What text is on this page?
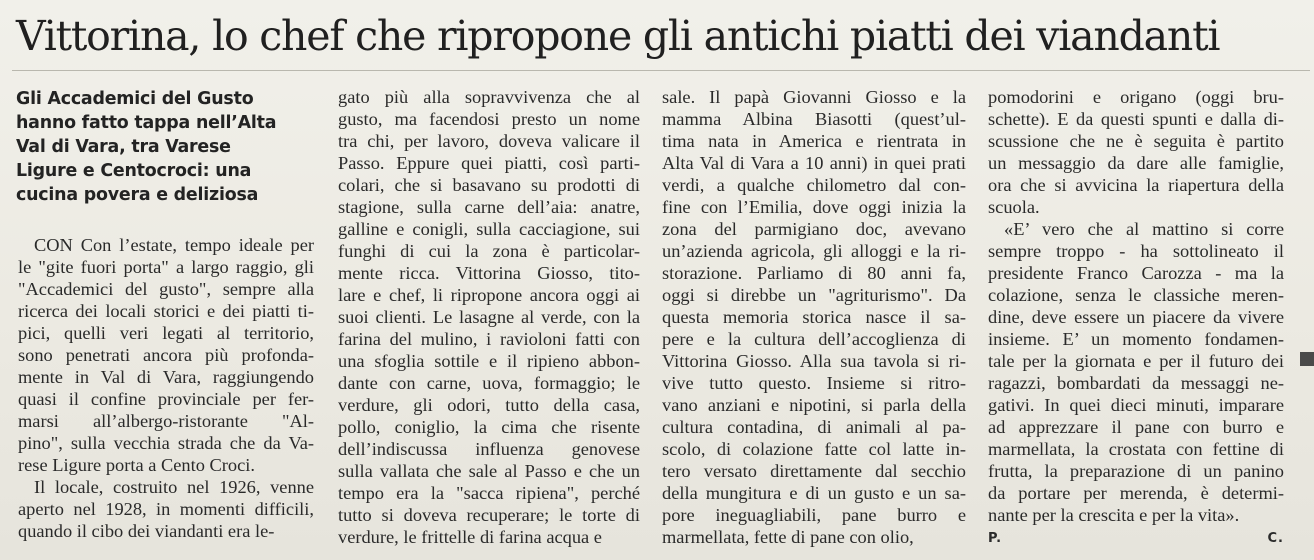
Vittorina, lo chef che ripropone gli antichi piatti dei viandanti
Gli Accademici del Gusto
hanno fatto tappa nell’Alta
Val di Vara, tra Varese
Ligure e Centocroci: una
cucina povera e deliziosa
CON Con l’estate, tempo ideale per
le "gite fuori porta" a largo raggio, gli
"Accademici del gusto", sempre alla
ricerca dei locali storici e dei piatti ti-
pici, quelli veri legati al territorio,
sono penetrati ancora più profonda-
mente in Val di Vara, raggiungendo
quasi il confine provinciale per fer-
marsi all’albergo-ristorante "Al-
pino", sulla vecchia strada che da Va-
rese Ligure porta a Cento Croci.
Il locale, costruito nel 1926, venne
aperto nel 1928, in momenti difficili,
quando il cibo dei viandanti era le-
gato più alla sopravvivenza che al
gusto, ma facendosi presto un nome
tra chi, per lavoro, doveva valicare il
Passo. Eppure quei piatti, così parti-
colari, che si basavano su prodotti di
stagione, sulla carne dell’aia: anatre,
galline e conigli, sulla cacciagione, sui
funghi di cui la zona è particolar-
mente ricca. Vittorina Giosso, tito-
lare e chef, li ripropone ancora oggi ai
suoi clienti. Le lasagne al verde, con la
farina del mulino, i raviolonі fatti con
una sfoglia sottile e il ripieno abbon-
dante con carne, uova, formaggio; le
verdure, gli odori, tutto della casa,
pollo, coniglio, la cima che risente
dell’indiscussa influenza genovese
sulla vallata che sale al Passo e che un
tempo era la "sacca ripiena", perché
tutto si doveva recuperare; le torte di
verdure, le frittelle di farina acqua e
sale. Il papà Giovanni Giosso e la
mamma Albina Biasotti (quest’ul-
tima nata in America e rientrata in
Alta Val di Vara a 10 anni) in quei prati
verdi, a qualche chilometro dal con-
fine con l’Emilia, dove oggi inizia la
zona del parmigiano doc, avevano
un’azienda agricola, gli alloggi e la ri-
storazione. Parliamo di 80 anni fa,
oggi si direbbe un "agriturismo". Da
questa memoria storica nasce il sa-
pere e la cultura dell’accoglienza di
Vittorina Giosso. Alla sua tavola si ri-
vive tutto questo. Insieme si ritro-
vano anziani e nipotini, si parla della
cultura contadina, di animali al pa-
scolo, di colazione fatte col latte in-
tero versato direttamente dal secchio
della mungitura e di un gusto e un sa-
pore ineguagliabili, pane burro e
marmellata, fette di pane con olio,
pomodorini e origano (oggi bru-
schette). E da questi spunti e dalla di-
scussione che ne è seguita è partito
un messaggio da dare alle famiglie,
ora che si avvicina la riapertura della
scuola.
«E’ vero che al mattino si corre
sempre troppo - ha sottolineato il
presidente Franco Carozza - ma la
colazione, senza le classiche meren-
dine, deve essere un piacere da vivere
insieme. E’ un momento fondamen-
tale per la giornata e per il futuro dei
ragazzi, bombardati da messaggi ne-
gativi. In quei dieci minuti, imparare
ad apprezzare il pane con burro e
marmellata, la crostata con fettine di
frutta, la preparazione di un panino
da portare per merenda, è determi-
nante per la crescita e per la vita».
P. C.
